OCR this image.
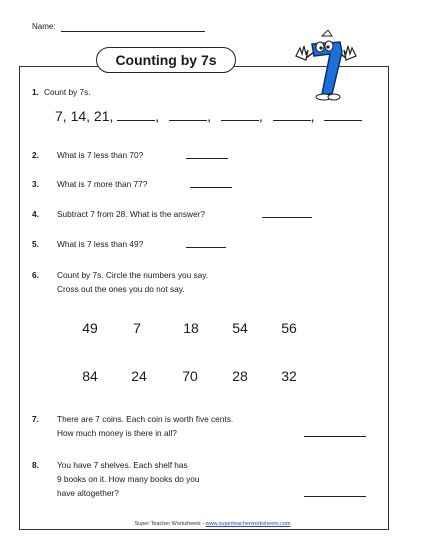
Name:
Counting by 7s
1. Count by 7s.
7, 14, 21,	,	,	,	,
2. What is 7 less than 70?
3. What is 7 more than 77?
4. Subtract 7 from 28. What is the answer?
5. What is 7 less than 49?
6. Count by 7s. Circle the numbers you say.
Cross out the ones you do not say.
49	7	18	54	56
84	24	70	28	32
7. There are 7 coins. Each coin is worth five cents.
How much money is there in all?
8. You have 7 shelves. Each shelf has
9 books on it. How many books do you
have altogether?
Super Teacher Worksheets - www.superteacherworksheets.com
